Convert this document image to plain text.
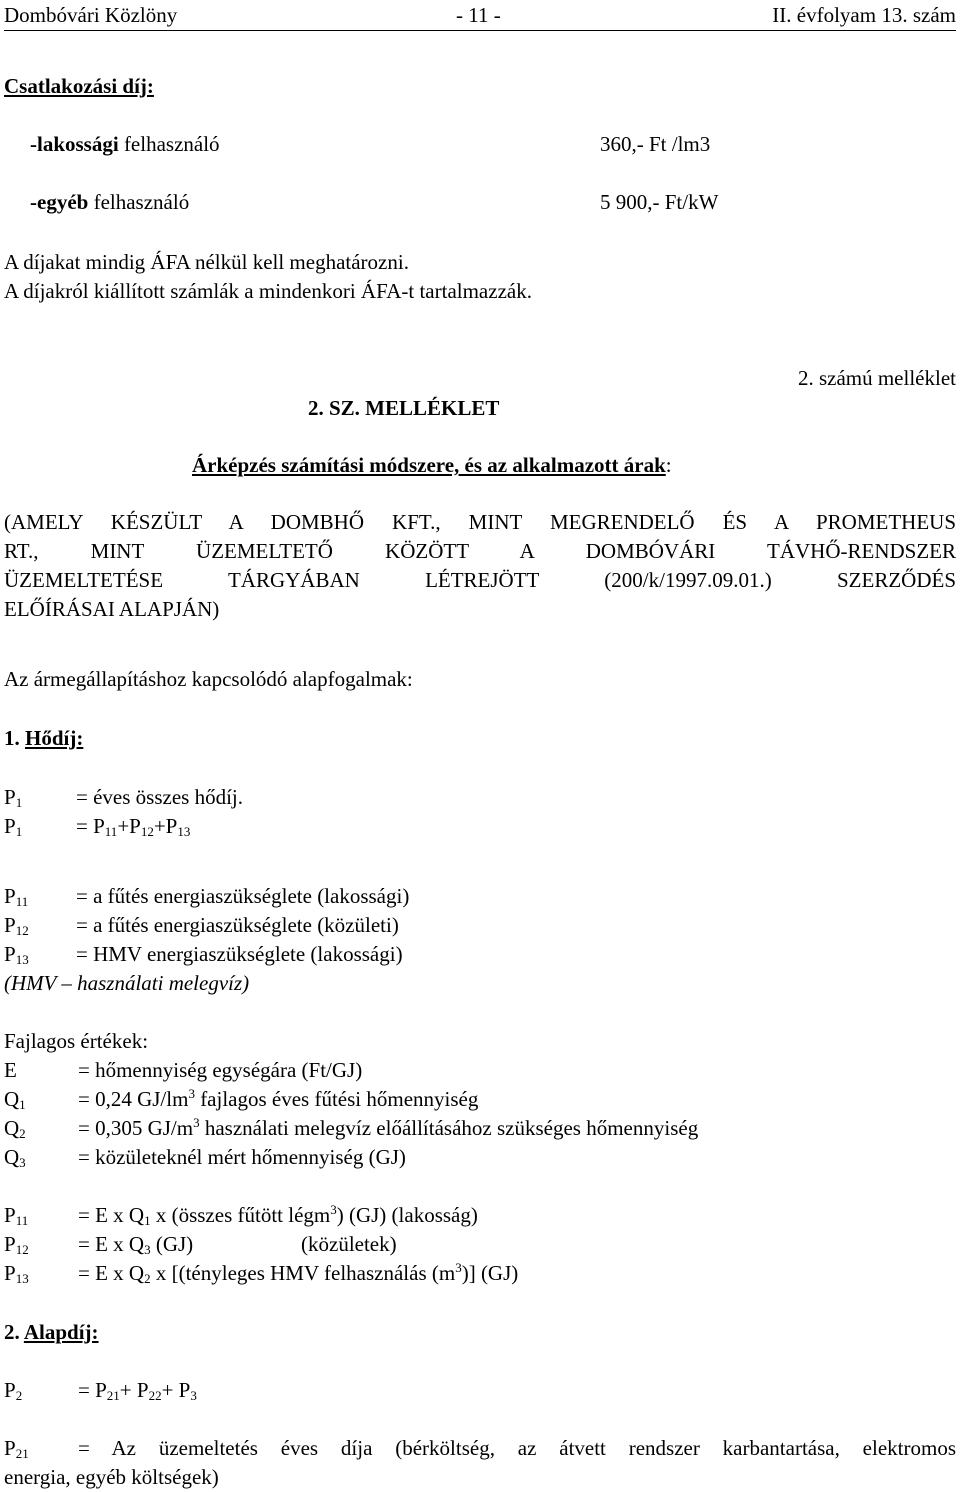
Dombóvári Közlöny	- 11 -	II. évfolyam 13. szám
Csatlakozási díj:
-lakossági felhasználó	360,- Ft /lm3
-egyéb felhasználó	5 900,- Ft/kW
A díjakat mindig ÁFA nélkül kell meghatározni.
A díjakról kiállított számlák a mindenkori ÁFA-t tartalmazzák.
2. számú melléklet
2. SZ. MELLÉKLET
Árképzés számítási módszere, és az alkalmazott árak:
(AMELY KÉSZÜLT A DOMBHŐ KFT., MINT MEGRENDELŐ ÉS A PROMETHEUS
RT., MINT ÜZEMELTETŐ KÖZÖTT A DOMBÓVÁRI TÁVHŐ-RENDSZER
ÜZEMELTETÉSE TÁRGYÁBAN LÉTREJÖTT (200/k/1997.09.01.) SZERZŐDÉS
ELŐÍRÁSAI ALAPJÁN)
Az ármegállapításhoz kapcsolódó alapfogalmak:
1. Hődíj:
$P_1$	= éves összes hődíj.
$P_1$	= $P_{11}+P_{12}+P_{13}$
$P_{11} = a$ fűtés energiaszükséglete (lakossági)
$P_{12} = a$ fűtés energiaszükséglete (közületi)
$P_{13}$ = HMV energiaszükséglete (lakossági)
(HMV – használati melegvíz)
Fajlagos értékek:
E	= hőmennyiség egységára (Ft/GJ)
$Q_1 = 0,24$ $GJ/lm^3$ fajlagos éves fűtési hőmennyiség
$Q_2 = 0,305$ $GJ/m^3$ használati melegvíz előállításához szükséges hőmennyiség
$Q_3$ = közületeknél mért hőmennyiség (GJ)
$P_{11} = E$ x $Q_1$ x (összes fűtött légm$^3$) (GJ) (lakosság)
$P_{12} = E$ x $Q_3$ (GJ)	(közületek)
$P_{13} = E$ x $Q_2$ x [(tényleges HMV felhasználás $(m^3)$] (GJ)
2. Alapdíj:
$P_2$	= $P_{21}+ P_{22}+ P_3$
$P_{21} = Az$ üzemeltetés éves díja (bérköltség, az átvett rendszer karbantartása, elektromos
energia, egyéb költségek)
